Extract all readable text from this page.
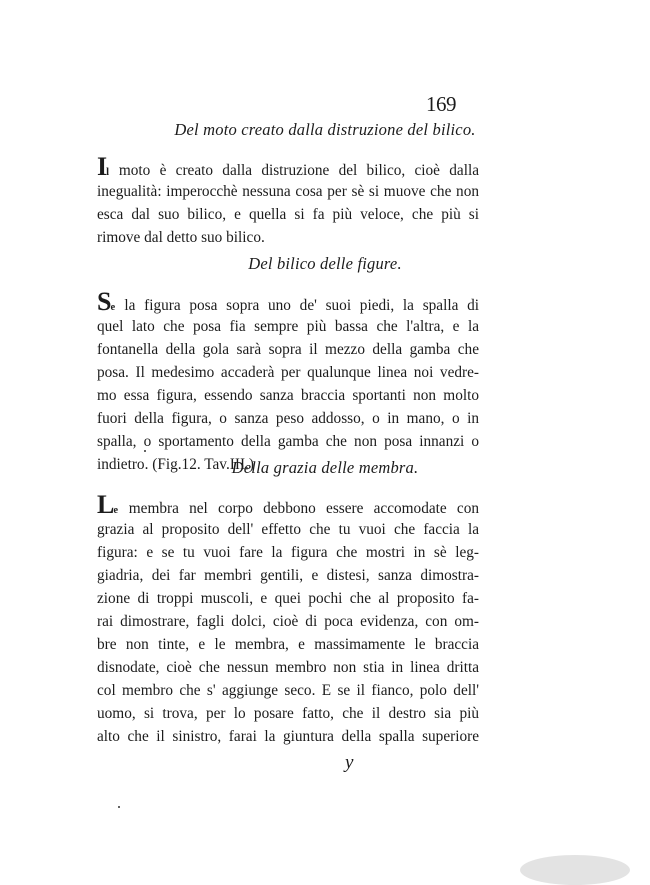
169
Del moto creato dalla distruzione del bilico.
Il moto è creato dalla distruzione del bilico, cioè dalla
inegualità: imperocchè nessuna cosa per sè si muove che non
esca dal suo bilico, e quella si fa più veloce, che più si
rimove dal detto suo bilico.
Del bilico delle figure.
Se la figura posa sopra uno de' suoi piedi, la spalla di
quel lato che posa fia sempre più bassa che l'altra, e la
fontanella della gola sarà sopra il mezzo della gamba che
posa. Il medesimo accaderà per qualunque linea noi vedre-
mo essa figura, essendo sanza braccia sportanti non molto
fuori della figura, o sanza peso addosso, o in mano, o in
spalla, o sportamento della gamba che non posa innanzi o
indietro. (Fig.12. Tav.III.)
Della grazia delle membra.
Le membra nel corpo debbono essere accomodate con
grazia al proposito dell' effetto che tu vuoi che faccia la
figura: e se tu vuoi fare la figura che mostri in sè leg-
giadria, dei far membri gentili, e distesi, sanza dimostra-
zione di troppi muscoli, e quei pochi che al proposito fa-
rai dimostrare, fagli dolci, cioè di poca evidenza, con om-
bre non tinte, e le membra, e massimamente le braccia
disnodate, cioè che nessun membro non stia in linea dritta
col membro che s' aggiunge seco. E se il fianco, polo dell'
uomo, si trova, per lo posare fatto, che il destro sia più
alto che il sinistro, farai la giuntura della spalla superiore
y
